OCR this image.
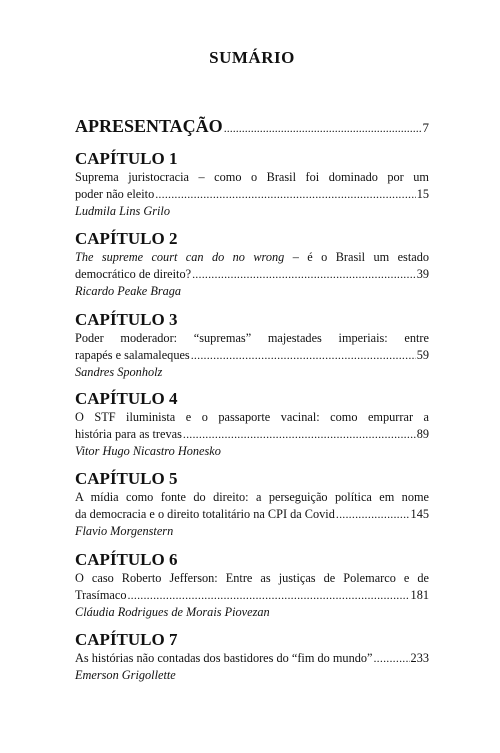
SUMÁRIO
APRESENTAÇÃO .....	7
CAPÍTULO 1
Suprema juristocracia – como o Brasil foi dominado por um
poder não eleito .....	15
Ludmila Lins Grilo
CAPÍTULO 2
The supreme court can do no wrong – é o Brasil um estado
democrático de direito? .....	39
Ricardo Peake Braga
CAPÍTULO 3
Poder moderador: “supremas” majestades imperiais: entre
rapapés e salamaleques .....	59
Sandres Sponholz
CAPÍTULO 4
O STF iluminista e o passaporte vacinal: como empurrar a
história para as trevas .....	89
Vitor Hugo Nicastro Honesko
CAPÍTULO 5
A mídia como fonte do direito: a perseguição política em nome
da democracia e o direito totalitário na CPI da Covid .....	145
Flavio Morgenstern
CAPÍTULO 6
O caso Roberto Jefferson: Entre as justiças de Polemarco e de
Trasímaco .....	181
Cláudia Rodrigues de Morais Piovezan
CAPÍTULO 7
As histórias não contadas dos bastidores do “fim do mundo” .....	233
Emerson Grigollette
